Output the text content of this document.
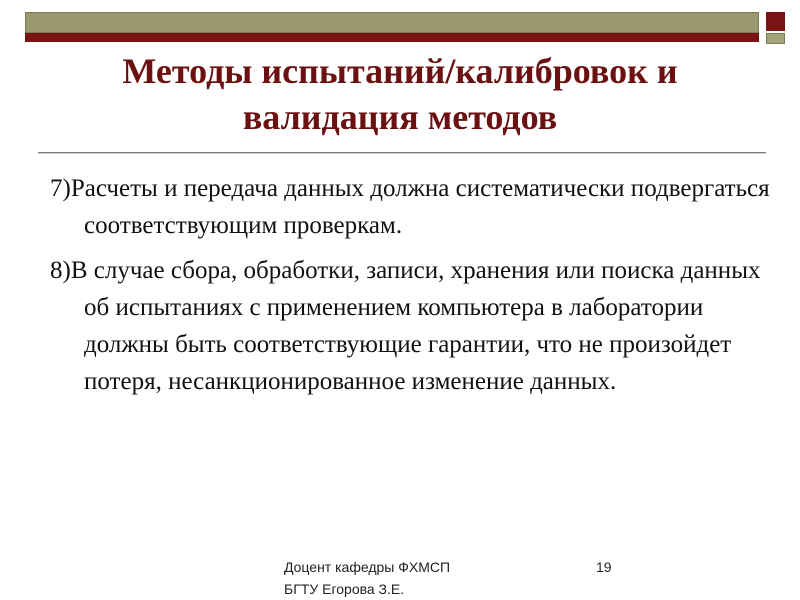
Методы испытаний/калибровок и валидация методов

7)Расчеты и передача данных должна систематически подвергаться соответствующим проверкам.

8)В случае сбора, обработки, записи, хранения или поиска данных об испытаниях с применением компьютера в лаборатории должны быть соответствующие гарантии, что не произойдет потеря, несанкционированное изменение данных.

Доцент кафедры ФХМСП
БГТУ Егорова З.Е.
19
